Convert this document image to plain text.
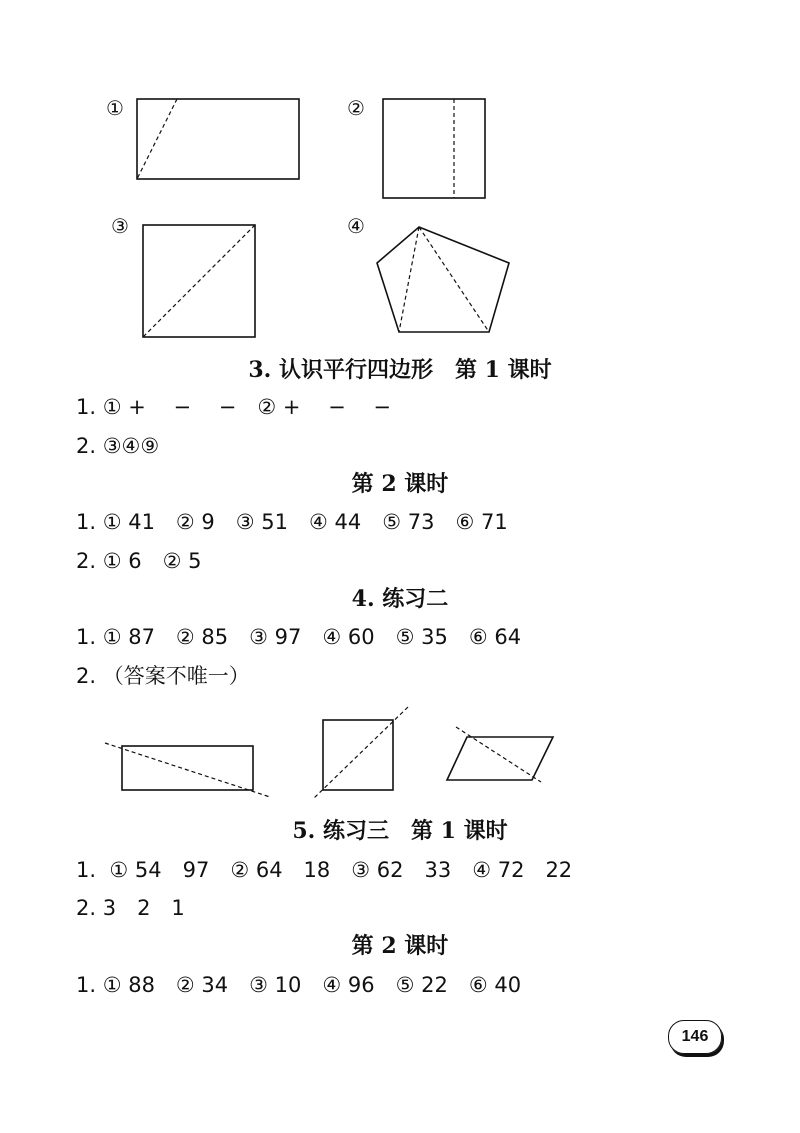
①	②
③	④
3. 认识平行四边形　第 1 课时
1. ① +　 −　 −　② +　 −　 −
2. ③④⑨
第 2 课时
1. ① 41　② 9　③ 51　④ 44　⑤ 73　⑥ 71
2. ① 6　② 5
4. 练习二
1. ① 87　② 85　③ 97　④ 60　⑤ 35　⑥ 64
2. （答案不唯一）
5. 练习三　第 1 课时
1.  ① 54　97　② 64　18　③ 62　33　④ 72　22
2. 3　2　1
第 2 课时
1. ① 88　② 34　③ 10　④ 96　⑤ 22　⑥ 40
146
